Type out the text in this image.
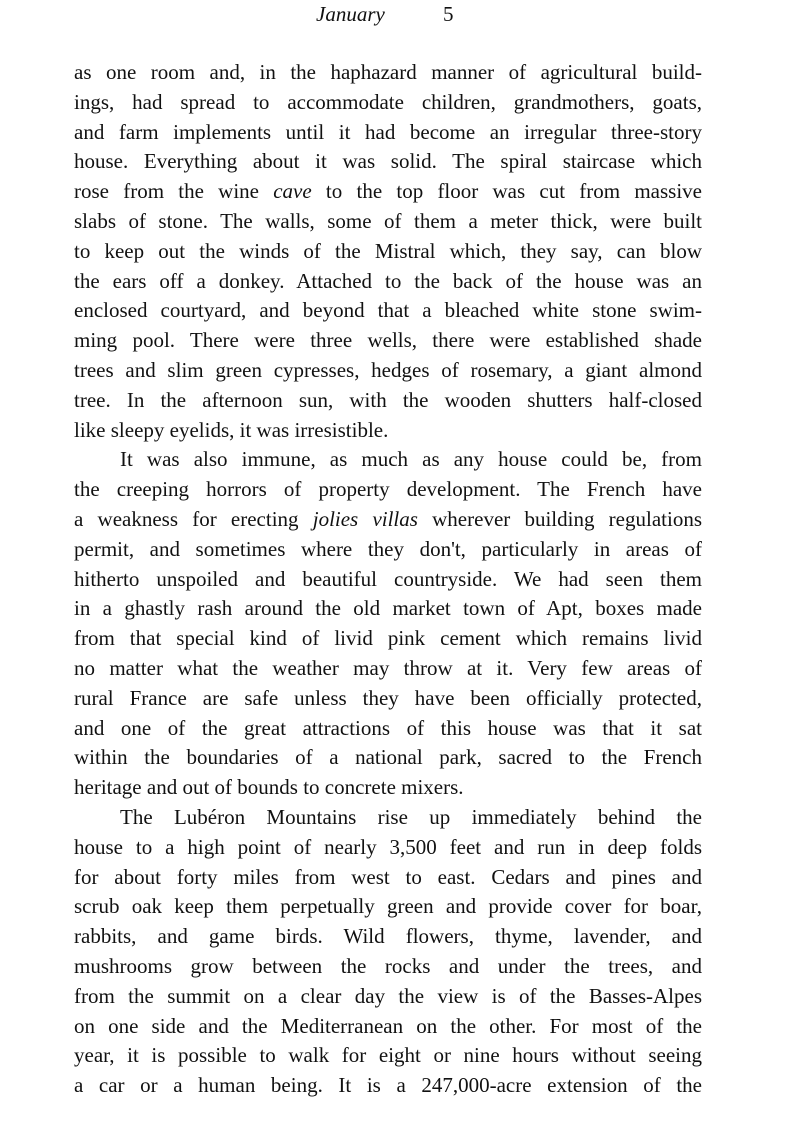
January	5
as one room and, in the haphazard manner of agricultural build-
ings, had spread to accommodate children, grandmothers, goats,
and farm implements until it had become an irregular three-story
house. Everything about it was solid. The spiral staircase which
rose from the wine cave to the top floor was cut from massive
slabs of stone. The walls, some of them a meter thick, were built
to keep out the winds of the Mistral which, they say, can blow
the ears off a donkey. Attached to the back of the house was an
enclosed courtyard, and beyond that a bleached white stone swim-
ming pool. There were three wells, there were established shade
trees and slim green cypresses, hedges of rosemary, a giant almond
tree. In the afternoon sun, with the wooden shutters half-closed
like sleepy eyelids, it was irresistible.
It was also immune, as much as any house could be, from
the creeping horrors of property development. The French have
a weakness for erecting jolies villas wherever building regulations
permit, and sometimes where they don't, particularly in areas of
hitherto unspoiled and beautiful countryside. We had seen them
in a ghastly rash around the old market town of Apt, boxes made
from that special kind of livid pink cement which remains livid
no matter what the weather may throw at it. Very few areas of
rural France are safe unless they have been officially protected,
and one of the great attractions of this house was that it sat
within the boundaries of a national park, sacred to the French
heritage and out of bounds to concrete mixers.
The Lubéron Mountains rise up immediately behind the
house to a high point of nearly 3,500 feet and run in deep folds
for about forty miles from west to east. Cedars and pines and
scrub oak keep them perpetually green and provide cover for boar,
rabbits, and game birds. Wild flowers, thyme, lavender, and
mushrooms grow between the rocks and under the trees, and
from the summit on a clear day the view is of the Basses-Alpes
on one side and the Mediterranean on the other. For most of the
year, it is possible to walk for eight or nine hours without seeing
a car or a human being. It is a 247,000-acre extension of the
